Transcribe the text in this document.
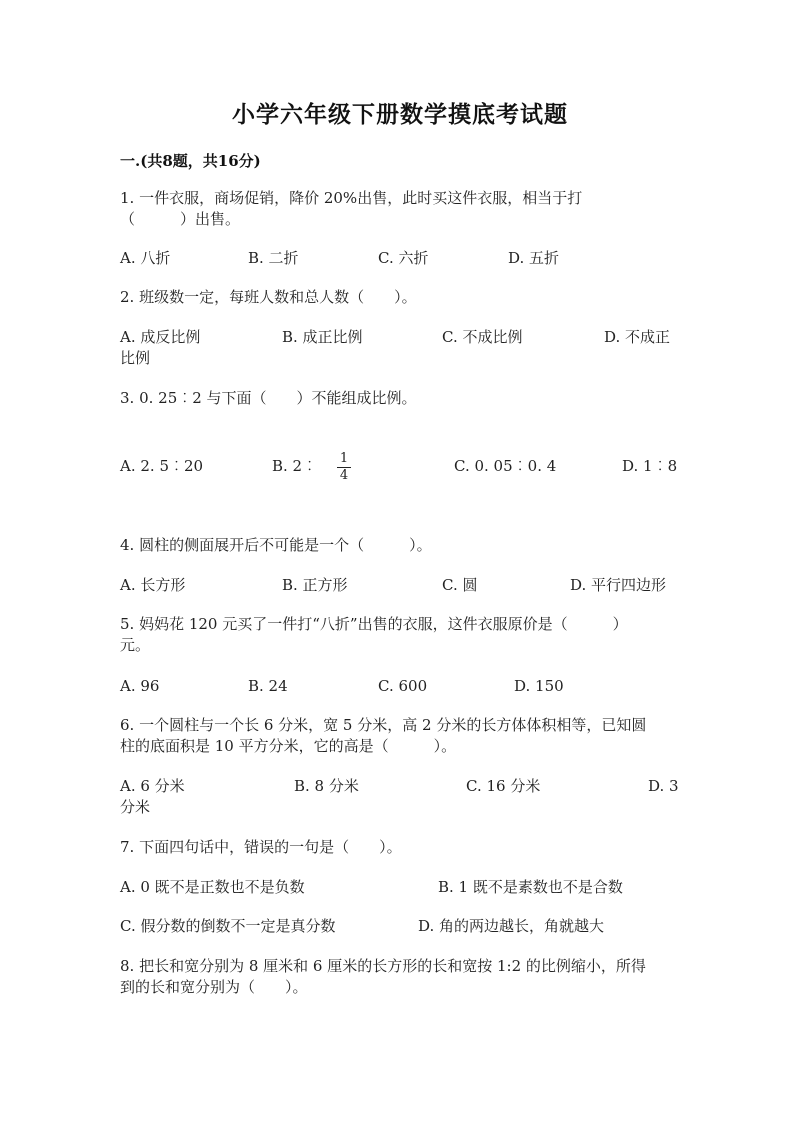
小学六年级下册数学摸底考试题
一.(共8题，共16分)
1. 一件衣服，商场促销，降价 20%出售，此时买这件衣服，相当于打
（　　　）出售。
A. 八折	B. 二折	C. 六折	D. 五折
2. 班级数一定，每班人数和总人数（　　）。
A. 成反比例	B. 成正比例	C. 不成比例	D. 不成正
比例
3. 0. 25︰2 与下面（　　）不能组成比例。
A. 2. 5︰20	B. 2︰ 1
4
C. 0. 05︰0. 4	D. 1︰8
4. 圆柱的侧面展开后不可能是一个（　　　）。
A. 长方形	B. 正方形	C. 圆	D. 平行四边形
5. 妈妈花 120 元买了一件打“八折”出售的衣服，这件衣服原价是（　　　）
元。
A. 96	B. 24	C. 600	D. 150
6. 一个圆柱与一个长 6 分米，宽 5 分米，高 2 分米的长方体体积相等，已知圆
柱的底面积是 10 平方分米，它的高是（　　　）。
A. 6 分米	B. 8 分米	C. 16 分米	D. 3
分米
7. 下面四句话中，错误的一句是（　　）。
A. 0 既不是正数也不是负数	B. 1 既不是素数也不是合数
C. 假分数的倒数不一定是真分数	D. 角的两边越长，角就越大
8. 把长和宽分别为 8 厘米和 6 厘米的长方形的长和宽按 1:2 的比例缩小，所得
到的长和宽分别为（　　）。
